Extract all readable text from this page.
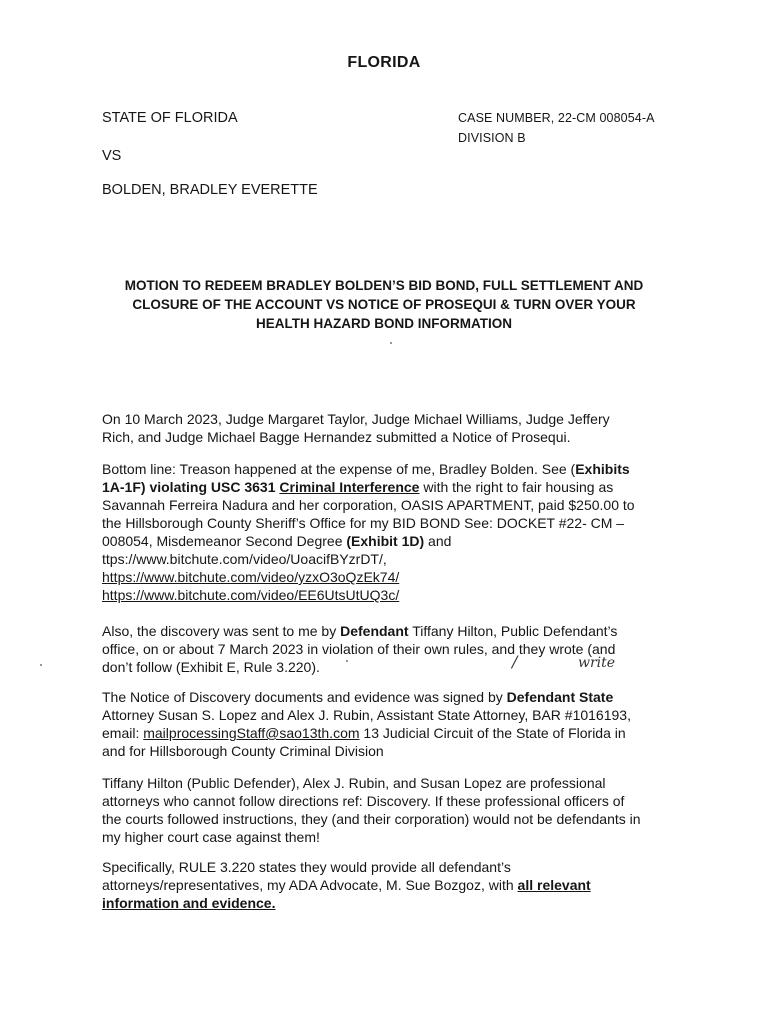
FLORIDA
STATE OF FLORIDA
VS
BOLDEN, BRADLEY EVERETTE
CASE NUMBER, 22-CM 008054-A
DIVISION B
MOTION TO REDEEM BRADLEY BOLDEN’S BID BOND, FULL SETTLEMENT AND
CLOSURE OF THE ACCOUNT VS NOTICE OF PROSEQUI & TURN OVER YOUR
HEALTH HAZARD BOND INFORMATION
On 10 March 2023, Judge Margaret Taylor, Judge Michael Williams, Judge Jeffery
Rich, and Judge Michael Bagge Hernandez submitted a Notice of Prosequi.
Bottom line: Treason happened at the expense of me, Bradley Bolden. See (Exhibits
1A-1F) violating USC 3631 Criminal Interference with the right to fair housing as
Savannah Ferreira Nadura and her corporation, OASIS APARTMENT, paid $250.00 to
the Hillsborough County Sheriff’s Office for my BID BOND See: DOCKET #22- CM –
008054, Misdemeanor Second Degree (Exhibit 1D) and
ttps://www.bitchute.com/video/UoacifBYzrDT/,
https://www.bitchute.com/video/yzxO3oQzEk74/
https://www.bitchute.com/video/EE6UtsUtUQ3c/
Also, the discovery was sent to me by Defendant Tiffany Hilton, Public Defendant’s
office, on or about 7 March 2023 in violation of their own rules, and they wrote (and
don’t follow (Exhibit E, Rule 3.220).	write
/
The Notice of Discovery documents and evidence was signed by Defendant State
Attorney Susan S. Lopez and Alex J. Rubin, Assistant State Attorney, BAR #1016193,
email: mailprocessingStaff@sao13th.com 13 Judicial Circuit of the State of Florida in
and for Hillsborough County Criminal Division
Tiffany Hilton (Public Defender), Alex J. Rubin, and Susan Lopez are professional
attorneys who cannot follow directions ref: Discovery. If these professional officers of
the courts followed instructions, they (and their corporation) would not be defendants in
my higher court case against them!
Specifically, RULE 3.220 states they would provide all defendant’s
attorneys/representatives, my ADA Advocate, M. Sue Bozgoz, with all relevant
information and evidence.
